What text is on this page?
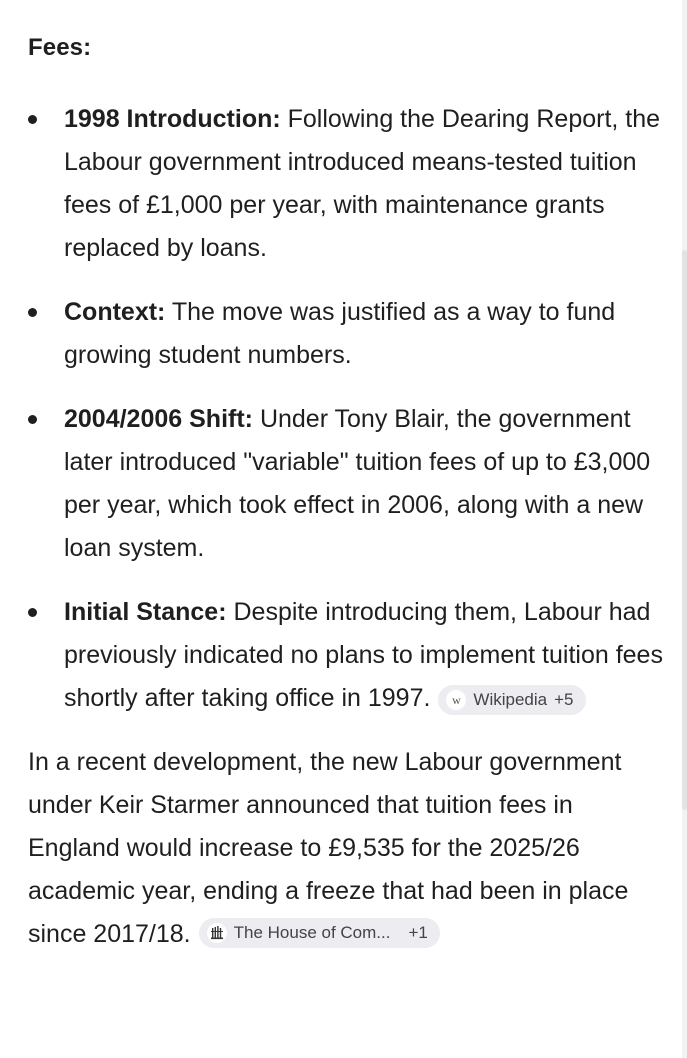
Fees:
1998 Introduction: Following the Dearing Report, the Labour government introduced means-tested tuition fees of £1,000 per year, with maintenance grants replaced by loans.
Context: The move was justified as a way to fund growing student numbers.
2004/2006 Shift: Under Tony Blair, the government later introduced "variable" tuition fees of up to £3,000 per year, which took effect in 2006, along with a new loan system.
Initial Stance: Despite introducing them, Labour had previously indicated no plans to implement tuition fees shortly after taking office in 1997.	w Wikipedia +5

In a recent development, the new Labour government under Keir Starmer announced that tuition fees in England would increase to £9,535 for the 2025/26 academic year, ending a freeze that had been in place since 2017/18.	The House of Com... +1
